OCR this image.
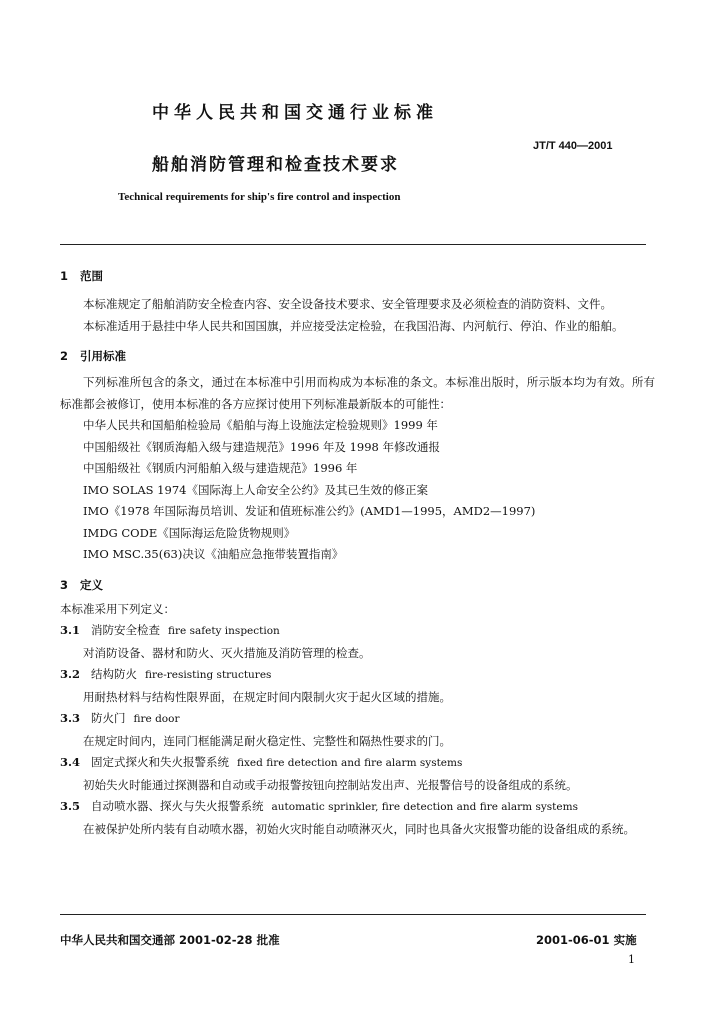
中华人民共和国交通行业标准
JT/T 440—2001
船舶消防管理和检查技术要求
Technical requirements for ship's fire control and inspection
1 范围
本标准规定了船舶消防安全检查内容、安全设备技术要求、安全管理要求及必须检查的消防资料、文件。
本标准适用于悬挂中华人民共和国国旗，并应接受法定检验，在我国沿海、内河航行、停泊、作业的船舶。
2 引用标准
下列标准所包含的条文，通过在本标准中引用而构成为本标准的条文。本标准出版时，所示版本均为有效。所有标准都会被修订，使用本标准的各方应探讨使用下列标准最新版本的可能性：
中华人民共和国船舶检验局《船舶与海上设施法定检验规则》1999 年
中国船级社《钢质海船入级与建造规范》1996 年及 1998 年修改通报
中国船级社《钢质内河船舶入级与建造规范》1996 年
IMO SOLAS 1974《国际海上人命安全公约》及其已生效的修正案
IMO《1978 年国际海员培训、发证和值班标准公约》(AMD1—1995，AMD2—1997)
IMDG CODE《国际海运危险货物规则》
IMO MSC.35(63)决议《油船应急拖带装置指南》
3 定义
本标准采用下列定义：
3.1 消防安全检查 fire safety inspection
对消防设备、器材和防火、灭火措施及消防管理的检查。
3.2 结构防火 fire-resisting structures
用耐热材料与结构性限界面，在规定时间内限制火灾于起火区域的措施。
3.3 防火门 fire door
在规定时间内，连同门框能满足耐火稳定性、完整性和隔热性要求的门。
3.4 固定式探火和失火报警系统 fixed fire detection and fire alarm systems
初始失火时能通过探测器和自动或手动报警按钮向控制站发出声、光报警信号的设备组成的系统。
3.5 自动喷水器、探火与失火报警系统 automatic sprinkler, fire detection and fire alarm systems
在被保护处所内装有自动喷水器，初始火灾时能自动喷淋灭火，同时也具备火灾报警功能的设备组成的系统。
中华人民共和国交通部 2001-02-28 批准	2001-06-01 实施
1
